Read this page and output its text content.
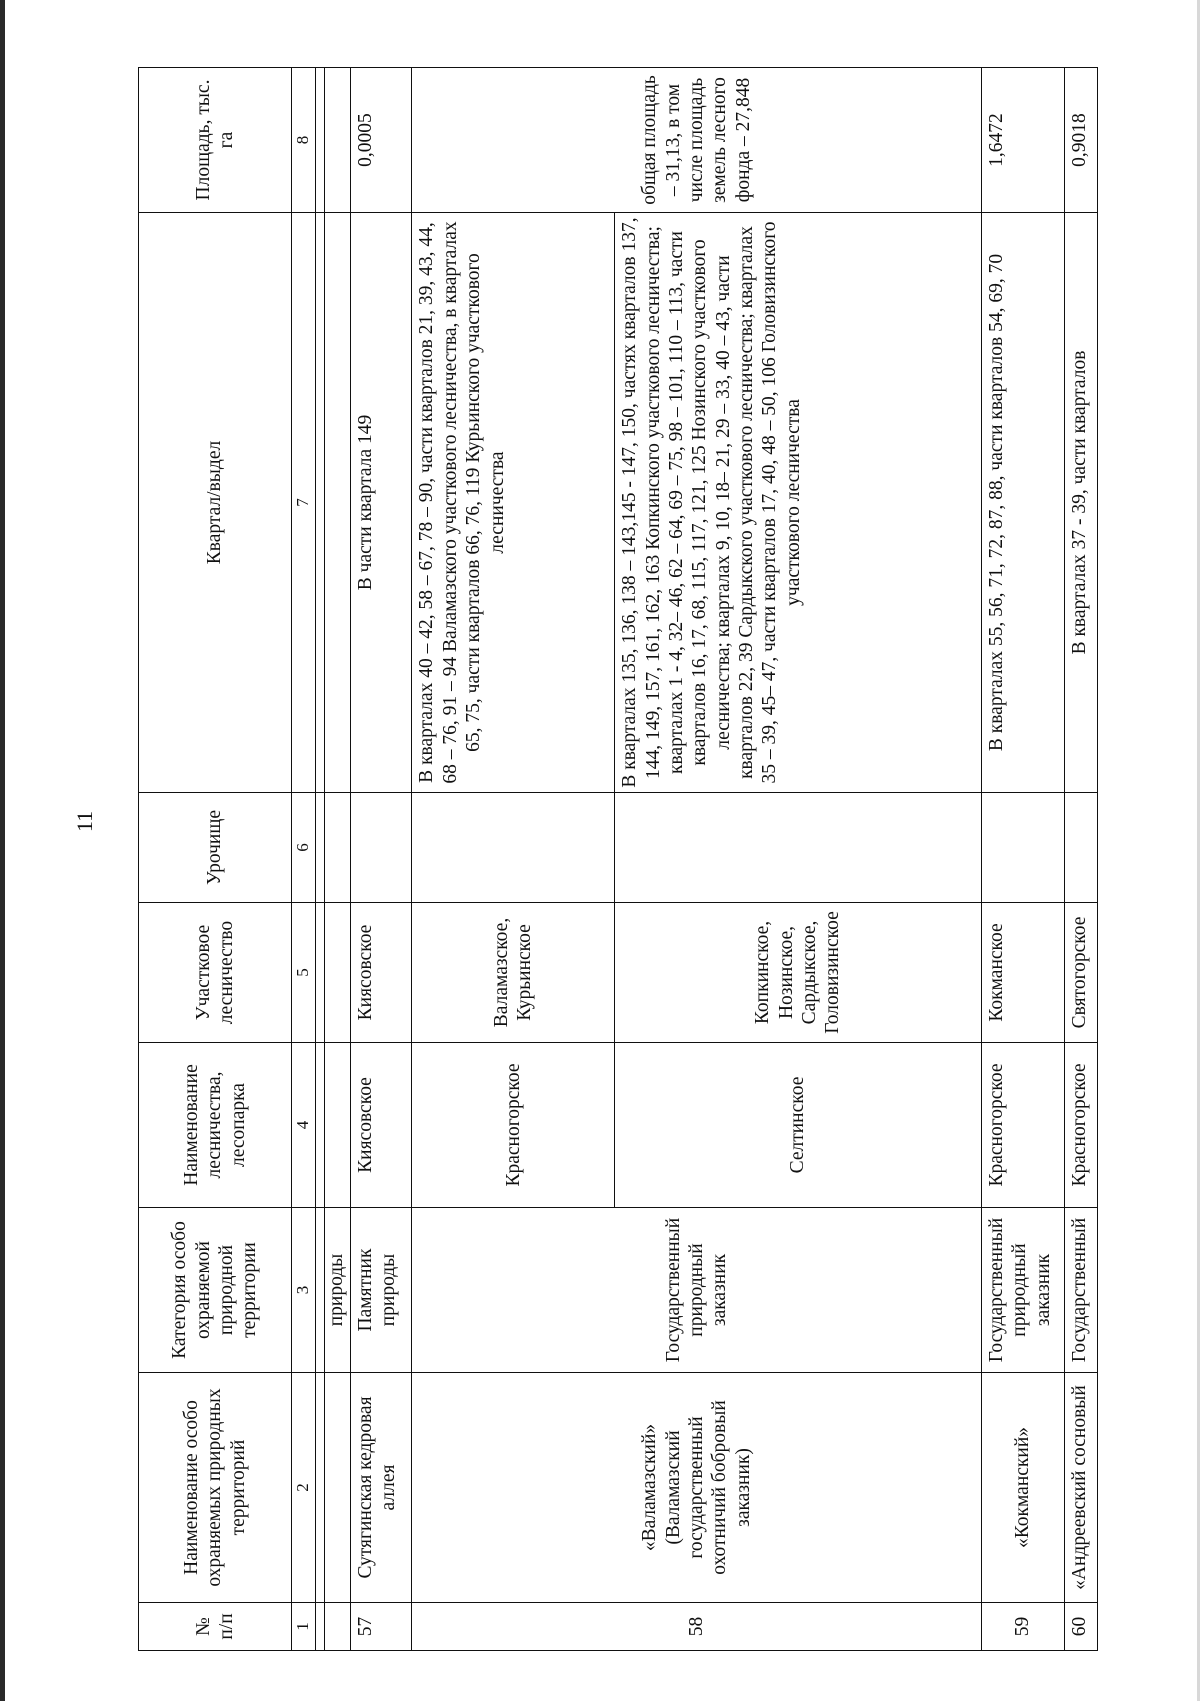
11
№ п/п	Наименование особо охраняемых природных территорий	Категория особо охраняемой природной территории	Наименование лесничества, лесопарка	Участковое лесничество	Урочище	Квартал/выдел	Площадь, тыс. га
1	2	3	4	5	6	7	8

		природы					
57	Сутягинская кедровая аллея	Памятник природы	Киясовское	Киясовское		В части квартала 149	0,0005
58	«Валамазский» (Валамазский государственный охотничий бобровый заказник)	Государственный природный заказник	Красногорское	Валамазское, Курьинское		В кварталах 40 – 42, 58 – 67, 78 – 90, части кварталов 21, 39, 43, 44, 68 – 76, 91 – 94 Валамазского участкового лесничества, в кварталах 65, 75, части кварталов 66, 76, 119 Курьинского участкового лесничества	общая площадь – 31,13, в том числе площадь земель лесного фонда – 27,848
			Селтинское	Копкинское, Нозинское, Сардыкское, Головизинское		В кварталах 135, 136, 138 – 143,145 - 147, 150, частях кварталов 137, 144, 149, 157, 161, 162, 163 Копкинского участкового лесничества; кварталах 1 - 4, 32– 46, 62 – 64, 69 – 75, 98 – 101, 110 – 113, части кварталов 16, 17, 68, 115, 117, 121, 125 Нозинского участкового лесничества; кварталах 9, 10, 18– 21, 29 – 33, 40 – 43, части кварталов 22, 39 Сардыкского участкового лесничества; кварталах 35 – 39, 45– 47, части кварталов 17, 40, 48 – 50, 106 Головизинского участкового лесничества	
59	«Кокманский»	Государственный природный заказник	Красногорское	Кокманское		В кварталах 55, 56, 71, 72, 87, 88, части кварталов 54, 69, 70	1,6472
60	«Андреевский сосновый	Государственный	Красногорское	Святогорское		В кварталах 37 - 39, части кварталов	0,9018
